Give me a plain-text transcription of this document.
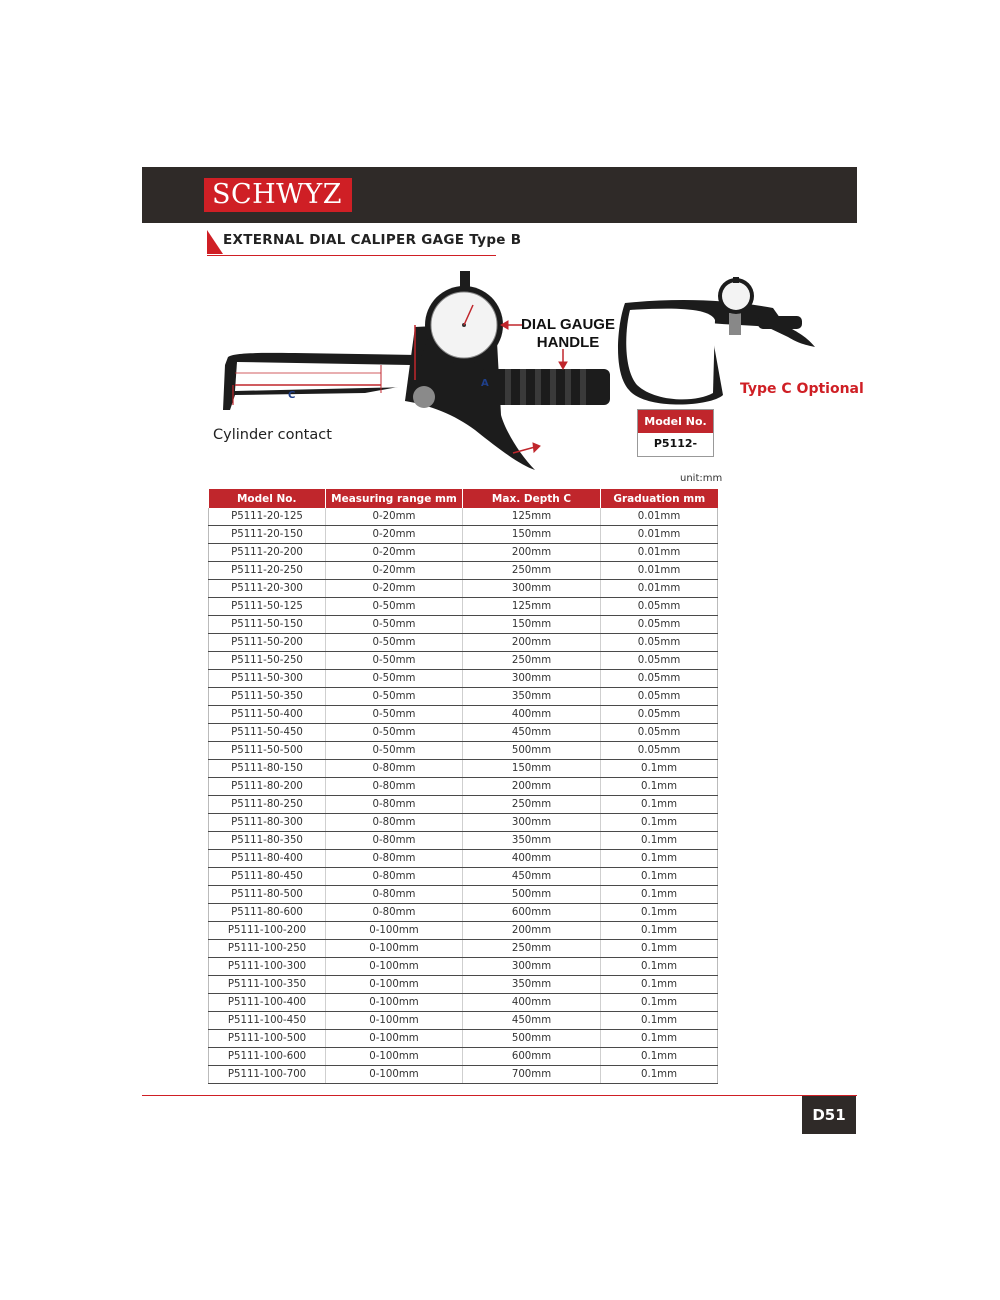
SCHWYZ
EXTERNAL DIAL CALIPER GAGE Type B
A
C
DIAL GAUGE
HANDLE
Cylinder contact
Type C Optional
Model No.
P5112-
unit:mm
Model No.	Measuring range mm	Max. Depth C	Graduation mm
P5111-20-125	0-20mm	125mm	0.01mm
P5111-20-150	0-20mm	150mm	0.01mm
P5111-20-200	0-20mm	200mm	0.01mm
P5111-20-250	0-20mm	250mm	0.01mm
P5111-20-300	0-20mm	300mm	0.01mm
P5111-50-125	0-50mm	125mm	0.05mm
P5111-50-150	0-50mm	150mm	0.05mm
P5111-50-200	0-50mm	200mm	0.05mm
P5111-50-250	0-50mm	250mm	0.05mm
P5111-50-300	0-50mm	300mm	0.05mm
P5111-50-350	0-50mm	350mm	0.05mm
P5111-50-400	0-50mm	400mm	0.05mm
P5111-50-450	0-50mm	450mm	0.05mm
P5111-50-500	0-50mm	500mm	0.05mm
P5111-80-150	0-80mm	150mm	0.1mm
P5111-80-200	0-80mm	200mm	0.1mm
P5111-80-250	0-80mm	250mm	0.1mm
P5111-80-300	0-80mm	300mm	0.1mm
P5111-80-350	0-80mm	350mm	0.1mm
P5111-80-400	0-80mm	400mm	0.1mm
P5111-80-450	0-80mm	450mm	0.1mm
P5111-80-500	0-80mm	500mm	0.1mm
P5111-80-600	0-80mm	600mm	0.1mm
P5111-100-200	0-100mm	200mm	0.1mm
P5111-100-250	0-100mm	250mm	0.1mm
P5111-100-300	0-100mm	300mm	0.1mm
P5111-100-350	0-100mm	350mm	0.1mm
P5111-100-400	0-100mm	400mm	0.1mm
P5111-100-450	0-100mm	450mm	0.1mm
P5111-100-500	0-100mm	500mm	0.1mm
P5111-100-600	0-100mm	600mm	0.1mm
P5111-100-700	0-100mm	700mm	0.1mm
D51
